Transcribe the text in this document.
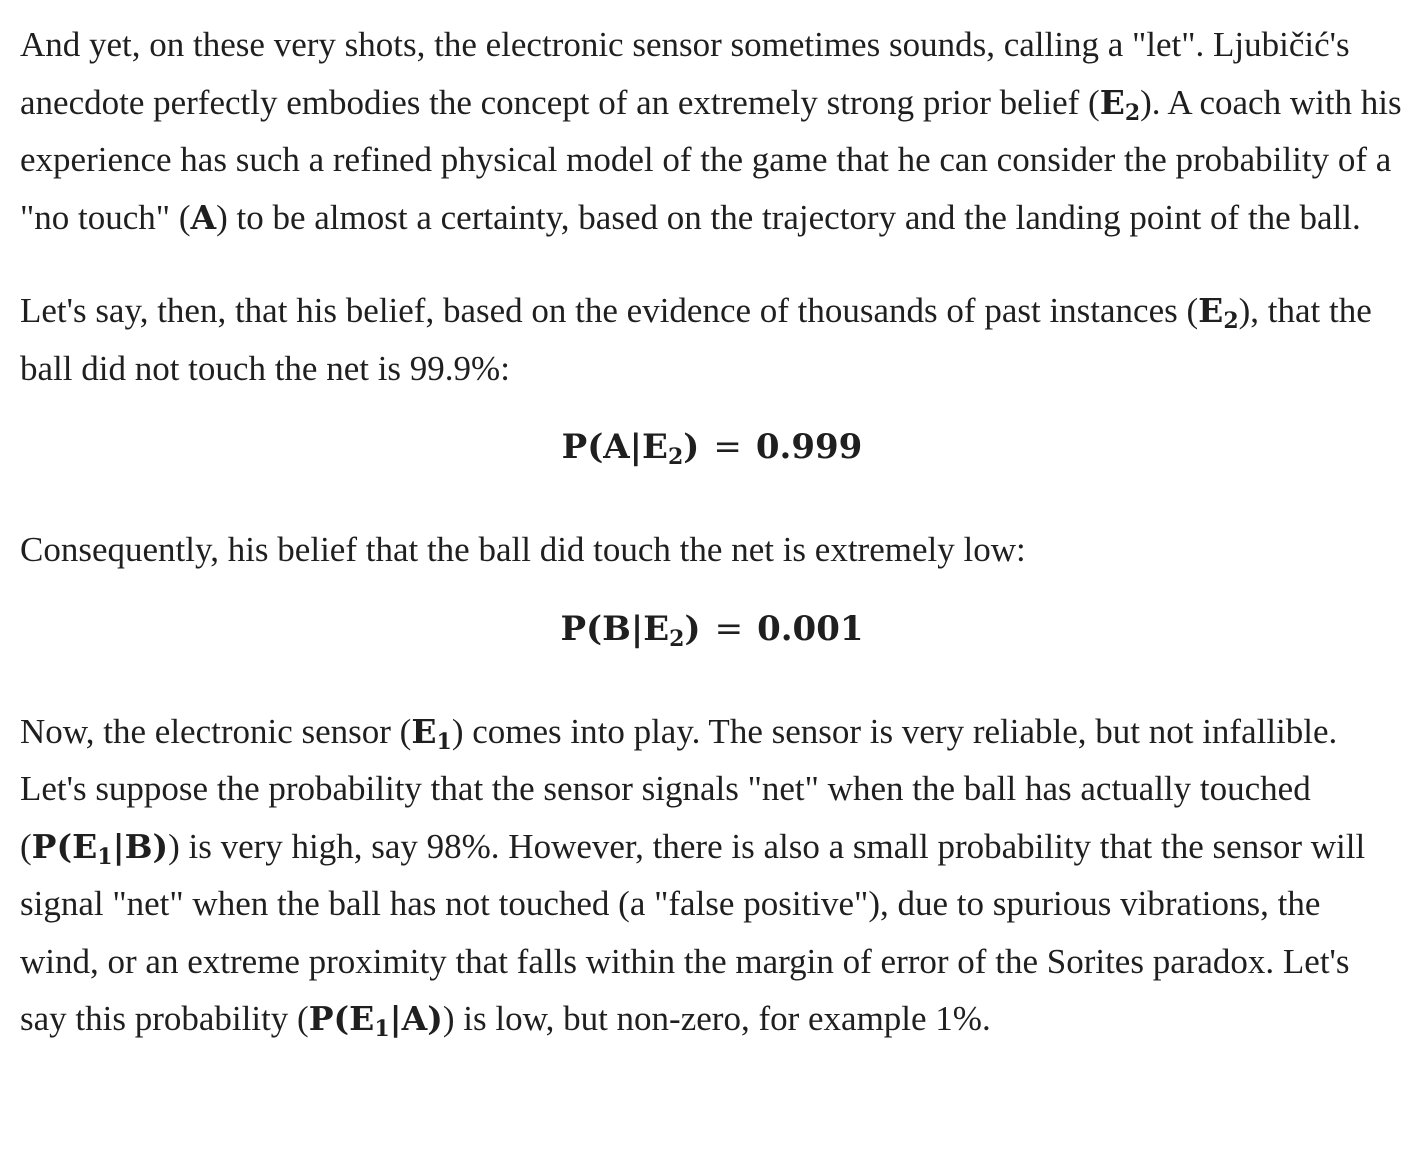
And yet, on these very shots, the electronic sensor sometimes sounds, calling a "let". Ljubičić's anecdote perfectly embodies the concept of an extremely strong prior belief $(E_2)$. A coach with his experience has such a refined physical model of the game that he can consider the probability of a "no touch" (A) to be almost a certainty, based on the trajectory and the landing point of the ball.

Let's say, then, that his belief, based on the evidence of thousands of past instances $(E_2)$, that the ball did not touch the net is 99.9%:

$P(A|E_2) = 0.999$

Consequently, his belief that the ball did touch the net is extremely low:

$P(B|E_2) = 0.001$

Now, the electronic sensor $(E_1)$ comes into play. The sensor is very reliable, but not infallible. Let's suppose the probability that the sensor signals "net" when the ball has actually touched $(P(E_1|B))$ is very high, say 98%. However, there is also a small probability that the sensor will signal "net" when the ball has not touched (a "false positive"), due to spurious vibrations, the wind, or an extreme proximity that falls within the margin of error of the Sorites paradox. Let's say this probability $(P(E_1|A))$ is low, but non-zero, for example 1%.
